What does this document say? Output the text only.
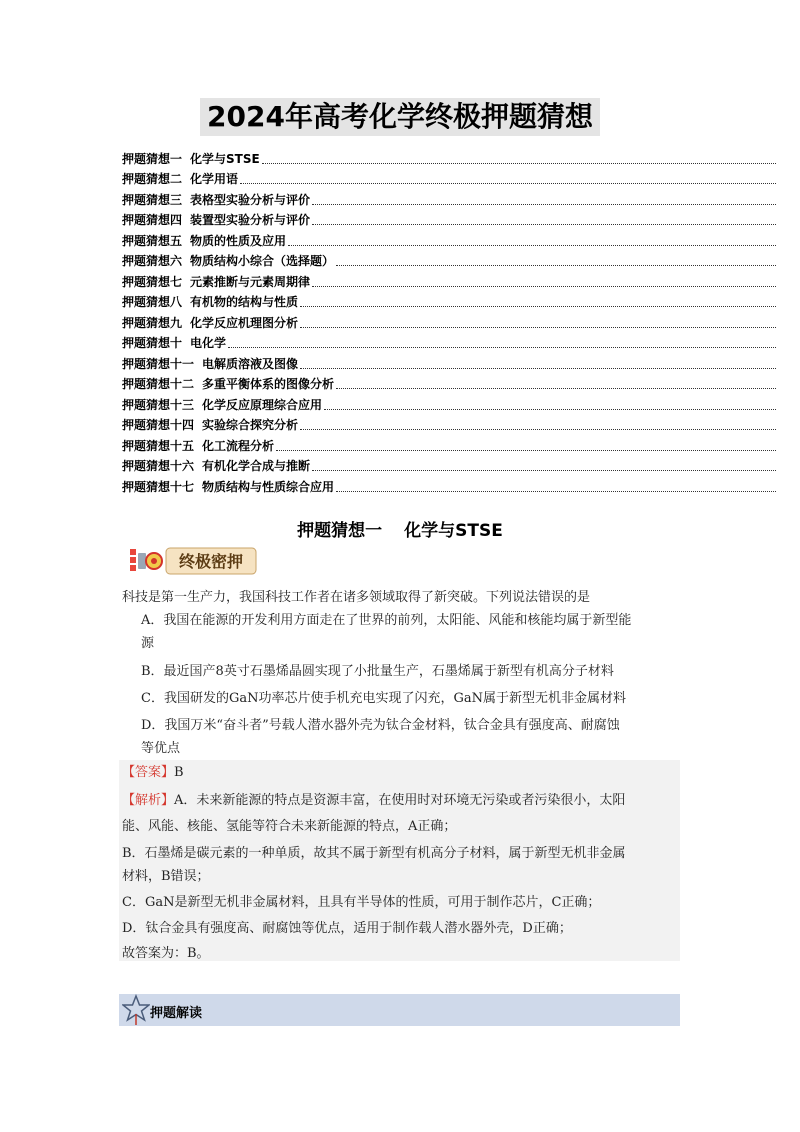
2024年高考化学终极押题猜想
押题猜想一 化学与STSE
押题猜想二 化学用语
押题猜想三 表格型实验分析与评价
押题猜想四 装置型实验分析与评价
押题猜想五 物质的性质及应用
押题猜想六 物质结构小综合（选择题）
押题猜想七 元素推断与元素周期律
押题猜想八 有机物的结构与性质
押题猜想九 化学反应机理图分析
押题猜想十 电化学
押题猜想十一 电解质溶液及图像
押题猜想十二 多重平衡体系的图像分析
押题猜想十三 化学反应原理综合应用
押题猜想十四 实验综合探究分析
押题猜想十五 化工流程分析
押题猜想十六 有机化学合成与推断
押题猜想十七 物质结构与性质综合应用
押题猜想一 化学与STSE
终极密押
科技是第一生产力，我国科技工作者在诸多领域取得了新突破。下列说法错误的是
A．我国在能源的开发利用方面走在了世界的前列，太阳能、风能和核能均属于新型能
源
B．最近国产8英寸石墨烯晶圆实现了小批量生产，石墨烯属于新型有机高分子材料
C．我国研发的GaN功率芯片使手机充电实现了闪充，GaN属于新型无机非金属材料
D．我国万米“奋斗者”号载人潜水器外壳为钛合金材料，钛合金具有强度高、耐腐蚀
等优点
【答案】B
【解析】A．未来新能源的特点是资源丰富，在使用时对环境无污染或者污染很小，太阳
能、风能、核能、氢能等符合未来新能源的特点，A正确；
B．石墨烯是碳元素的一种单质，故其不属于新型有机高分子材料，属于新型无机非金属
材料，B错误；
C．GaN是新型无机非金属材料，且具有半导体的性质，可用于制作芯片，C正确；
D．钛合金具有强度高、耐腐蚀等优点，适用于制作载人潜水器外壳，D正确；
故答案为：B。
押题解读
